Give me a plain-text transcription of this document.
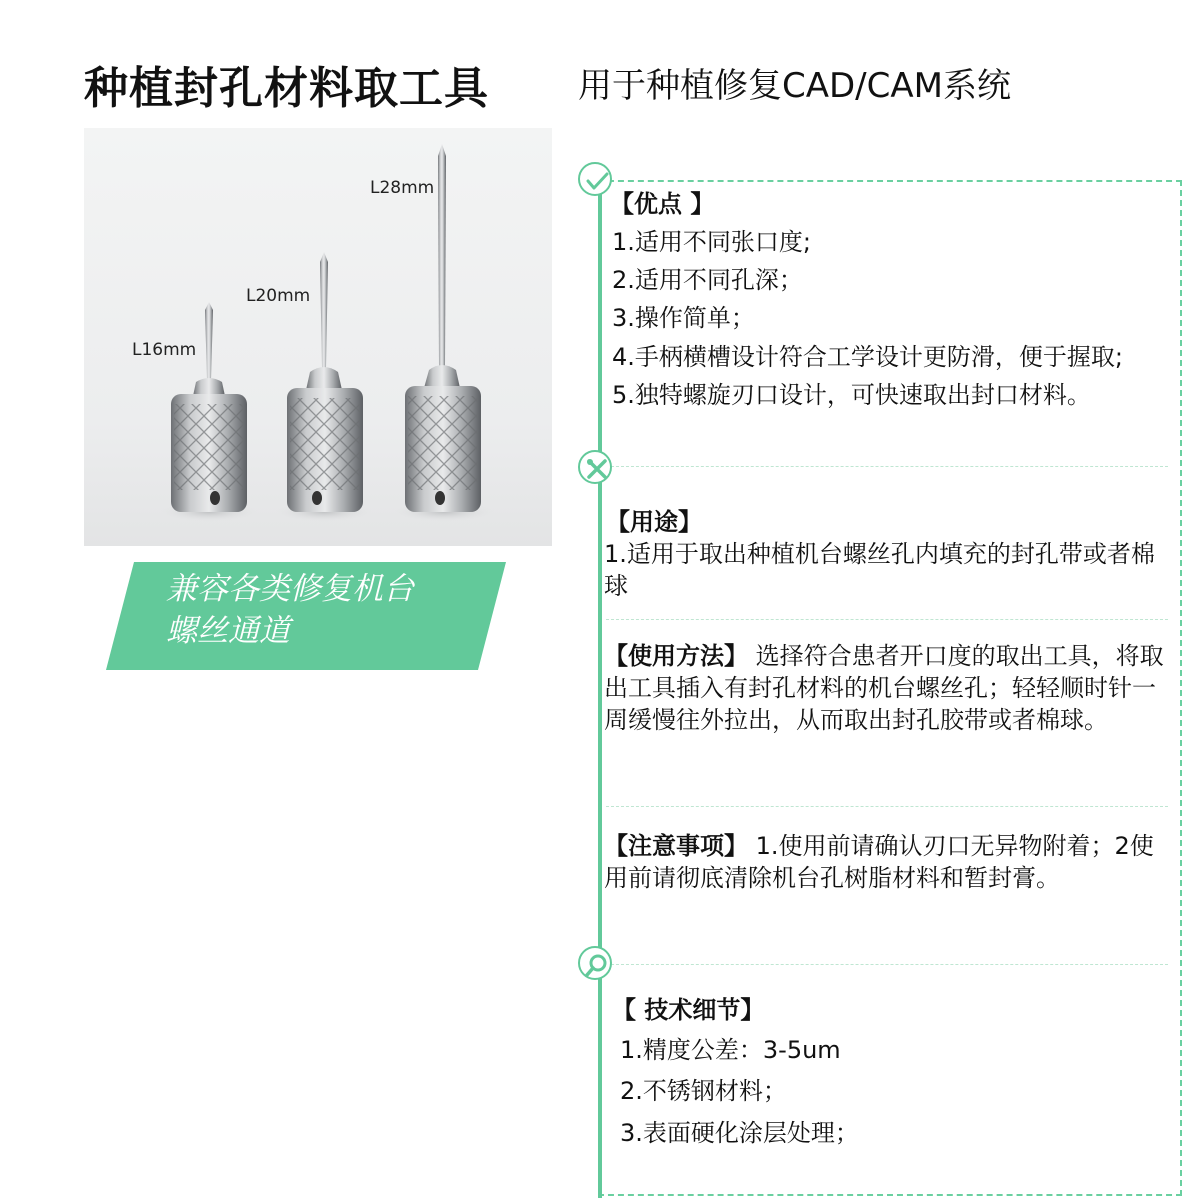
种植封孔材料取工具	用于种植修复CAD/CAM系统
L16mm
L20mm
L28mm
兼容各类修复机台
螺丝通道
【优点 】
1.适用不同张口度;
2.适用不同孔深；
3.操作简单；
4.手柄横槽设计符合工学设计更防滑，便于握取;
5.独特螺旋刃口设计，可快速取出封口材料。
【用途】
1.适用于取出种植机台螺丝孔内填充的封孔带或者棉球
【使用方法】 选择符合患者开口度的取出工具，将取出工具插入有封孔材料的机台螺丝孔；轻轻顺时针一周缓慢往外拉出，从而取出封孔胶带或者棉球。
【注意事项】 1.使用前请确认刃口无异物附着；2使用前请彻底清除机台孔树脂材料和暂封膏。
【 技术细节】
1.精度公差：3-5um
2.不锈钢材料；
3.表面硬化涂层处理；
